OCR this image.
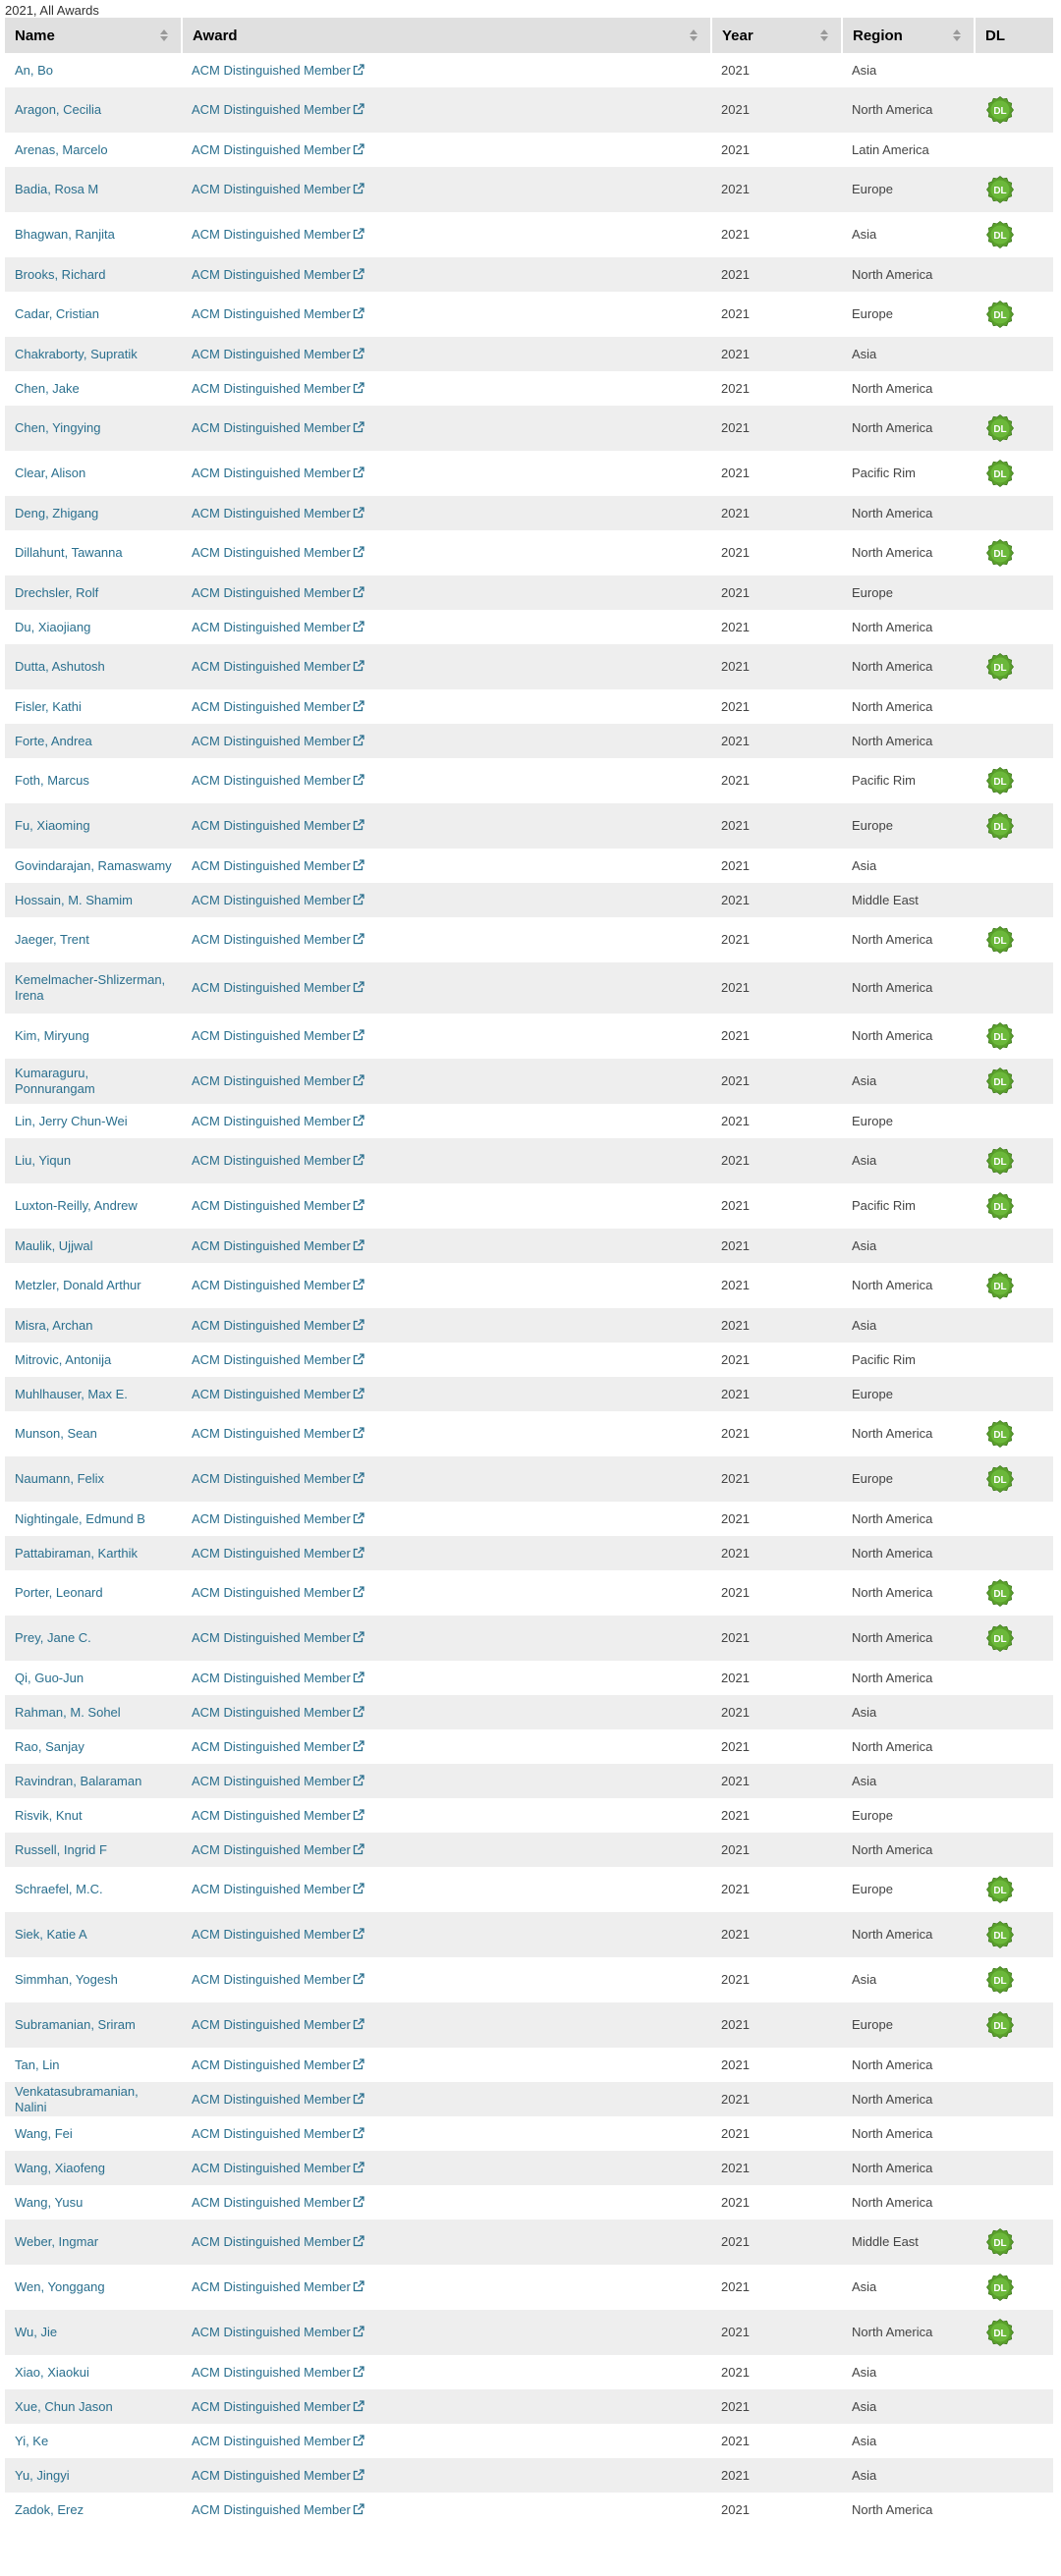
2021, All Awards
Name	Award	Year	Region	DL
An, Bo	ACM Distinguished Member	2021	Asia	
Aragon, Cecilia	ACM Distinguished Member	2021	North America	DL

Arenas, Marcelo	ACM Distinguished Member	2021	Latin America	
Badia, Rosa M	ACM Distinguished Member	2021	Europe	DL

Bhagwan, Ranjita	ACM Distinguished Member	2021	Asia	DL

Brooks, Richard	ACM Distinguished Member	2021	North America	
Cadar, Cristian	ACM Distinguished Member	2021	Europe	DL

Chakraborty, Supratik	ACM Distinguished Member	2021	Asia	
Chen, Jake	ACM Distinguished Member	2021	North America	
Chen, Yingying	ACM Distinguished Member	2021	North America	DL

Clear, Alison	ACM Distinguished Member	2021	Pacific Rim	DL

Deng, Zhigang	ACM Distinguished Member	2021	North America	
Dillahunt, Tawanna	ACM Distinguished Member	2021	North America	DL

Drechsler, Rolf	ACM Distinguished Member	2021	Europe	
Du, Xiaojiang	ACM Distinguished Member	2021	North America	
Dutta, Ashutosh	ACM Distinguished Member	2021	North America	DL

Fisler, Kathi	ACM Distinguished Member	2021	North America	
Forte, Andrea	ACM Distinguished Member	2021	North America	
Foth, Marcus	ACM Distinguished Member	2021	Pacific Rim	DL

Fu, Xiaoming	ACM Distinguished Member	2021	Europe	DL

Govindarajan, Ramaswamy	ACM Distinguished Member	2021	Asia	
Hossain, M. Shamim	ACM Distinguished Member	2021	Middle East	
Jaeger, Trent	ACM Distinguished Member	2021	North America	DL

Kemelmacher-Shlizerman, Irena	ACM Distinguished Member	2021	North America	
Kim, Miryung	ACM Distinguished Member	2021	North America	DL

Kumaraguru, Ponnurangam	ACM Distinguished Member	2021	Asia	DL

Lin, Jerry Chun-Wei	ACM Distinguished Member	2021	Europe	
Liu, Yiqun	ACM Distinguished Member	2021	Asia	DL

Luxton-Reilly, Andrew	ACM Distinguished Member	2021	Pacific Rim	DL

Maulik, Ujjwal	ACM Distinguished Member	2021	Asia	
Metzler, Donald Arthur	ACM Distinguished Member	2021	North America	DL

Misra, Archan	ACM Distinguished Member	2021	Asia	
Mitrovic, Antonija	ACM Distinguished Member	2021	Pacific Rim	
Muhlhauser, Max E.	ACM Distinguished Member	2021	Europe	
Munson, Sean	ACM Distinguished Member	2021	North America	DL

Naumann, Felix	ACM Distinguished Member	2021	Europe	DL

Nightingale, Edmund B	ACM Distinguished Member	2021	North America	
Pattabiraman, Karthik	ACM Distinguished Member	2021	North America	
Porter, Leonard	ACM Distinguished Member	2021	North America	DL

Prey, Jane C.	ACM Distinguished Member	2021	North America	DL

Qi, Guo-Jun	ACM Distinguished Member	2021	North America	
Rahman, M. Sohel	ACM Distinguished Member	2021	Asia	
Rao, Sanjay	ACM Distinguished Member	2021	North America	
Ravindran, Balaraman	ACM Distinguished Member	2021	Asia	
Risvik, Knut	ACM Distinguished Member	2021	Europe	
Russell, Ingrid F	ACM Distinguished Member	2021	North America	
Schraefel, M.C.	ACM Distinguished Member	2021	Europe	DL

Siek, Katie A	ACM Distinguished Member	2021	North America	DL

Simmhan, Yogesh	ACM Distinguished Member	2021	Asia	DL

Subramanian, Sriram	ACM Distinguished Member	2021	Europe	DL

Tan, Lin	ACM Distinguished Member	2021	North America	
Venkatasubramanian, Nalini	ACM Distinguished Member	2021	North America	
Wang, Fei	ACM Distinguished Member	2021	North America	
Wang, Xiaofeng	ACM Distinguished Member	2021	North America	
Wang, Yusu	ACM Distinguished Member	2021	North America	
Weber, Ingmar	ACM Distinguished Member	2021	Middle East	DL

Wen, Yonggang	ACM Distinguished Member	2021	Asia	DL

Wu, Jie	ACM Distinguished Member	2021	North America	DL

Xiao, Xiaokui	ACM Distinguished Member	2021	Asia	
Xue, Chun Jason	ACM Distinguished Member	2021	Asia	
Yi, Ke	ACM Distinguished Member	2021	Asia	
Yu, Jingyi	ACM Distinguished Member	2021	Asia	
Zadok, Erez	ACM Distinguished Member	2021	North America	
